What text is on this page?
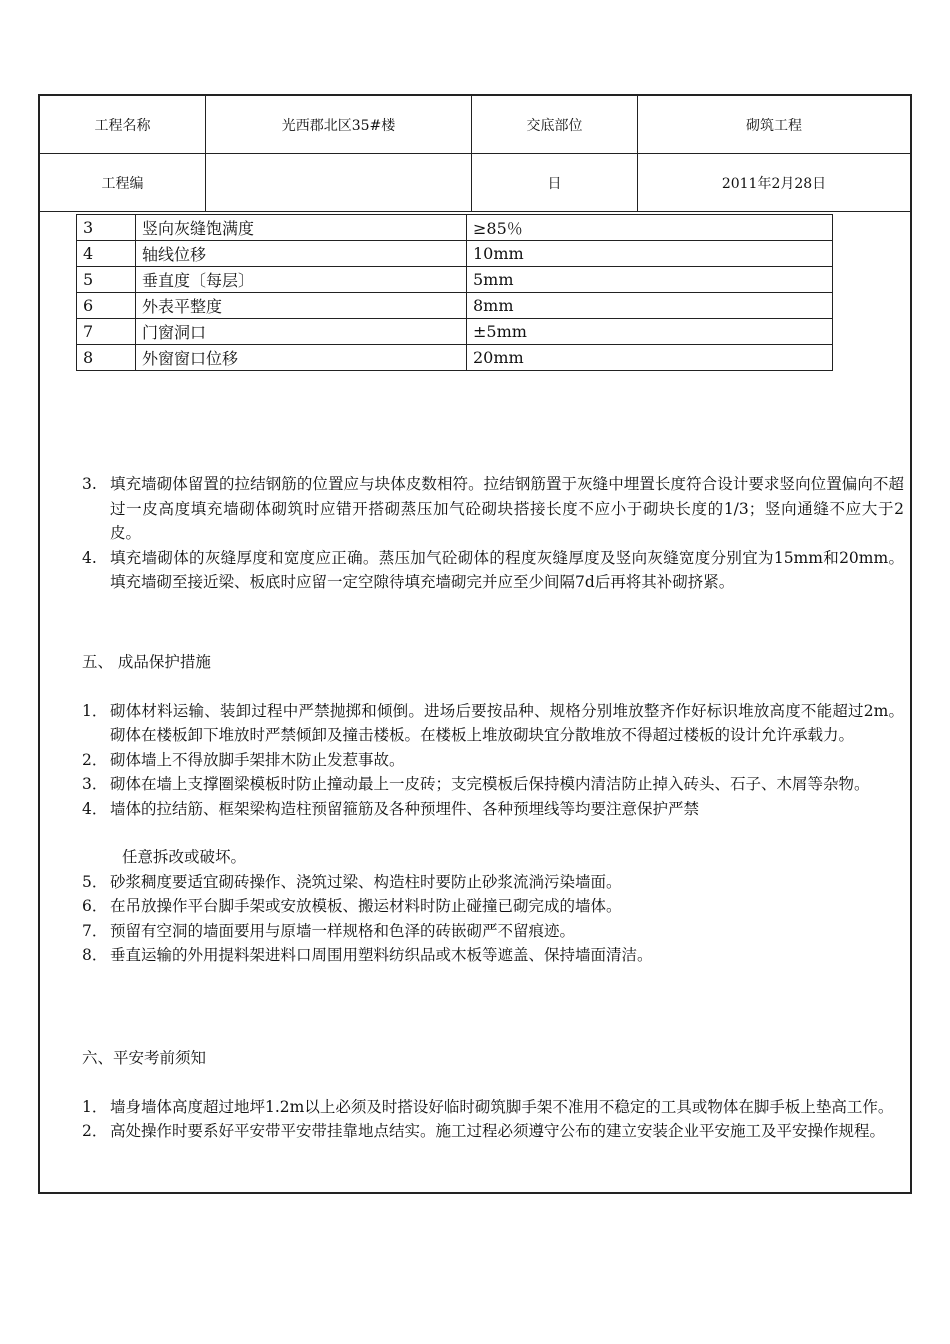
工程名称	光西郡北区35#楼	交底部位	砌筑工程
工程编		日	2011年2月28日
3	竖向灰缝饱满度	≥85％
4	轴线位移	10mm
5	垂直度〔每层〕	5mm
6	外表平整度	8mm
7	门窗洞口	±5mm
8	外窗窗口位移	20mm
3. 填充墙砌体留置的拉结钢筋的位置应与块体皮数相符。拉结钢筋置于灰缝中埋置长度符合设计要求竖向位置偏向不超过一皮高度填充墙砌体砌筑时应错开搭砌蒸压加气砼砌块搭接长度不应小于砌块长度的1/3；竖向通缝不应大于2皮。
4. 填充墙砌体的灰缝厚度和宽度应正确。蒸压加气砼砌体的程度灰缝厚度及竖向灰缝宽度分别宜为15mm和20mm。填充墙砌至接近梁、板底时应留一定空隙待填充墙砌完并应至少间隔7d后再将其补砌挤紧。
五、 成品保护措施
1． 砌体材料运输、装卸过程中严禁抛掷和倾倒。进场后要按品种、规格分别堆放整齐作好标识堆放高度不能超过2m。砌体在楼板卸下堆放时严禁倾卸及撞击楼板。在楼板上堆放砌块宜分散堆放不得超过楼板的设计允许承载力。
2． 砌体墙上不得放脚手架排木防止发惹事故。
3． 砌体在墙上支撑圈梁模板时防止撞动最上一皮砖；支完模板后保持模内清洁防止掉入砖头、石子、木屑等杂物。
4． 墙体的拉结筋、框架梁构造柱预留箍筋及各种预埋件、各种预埋线等均要注意保护严禁
任意拆改或破坏。
5． 砂浆稠度要适宜砌砖操作、浇筑过梁、构造柱时要防止砂浆流淌污染墙面。
6． 在吊放操作平台脚手架或安放模板、搬运材料时防止碰撞已砌完成的墙体。
7． 预留有空洞的墙面要用与原墙一样规格和色泽的砖嵌砌严不留痕迹。
8． 垂直运输的外用提料架进料口周围用塑料纺织品或木板等遮盖、保持墙面清洁。
六、平安考前须知
1． 墙身墙体高度超过地坪1.2m以上必须及时搭设好临时砌筑脚手架不准用不稳定的工具或物体在脚手板上垫高工作。
2． 高处操作时要系好平安带平安带挂靠地点结实。施工过程必须遵守公布的建立安装企业平安施工及平安操作规程。
